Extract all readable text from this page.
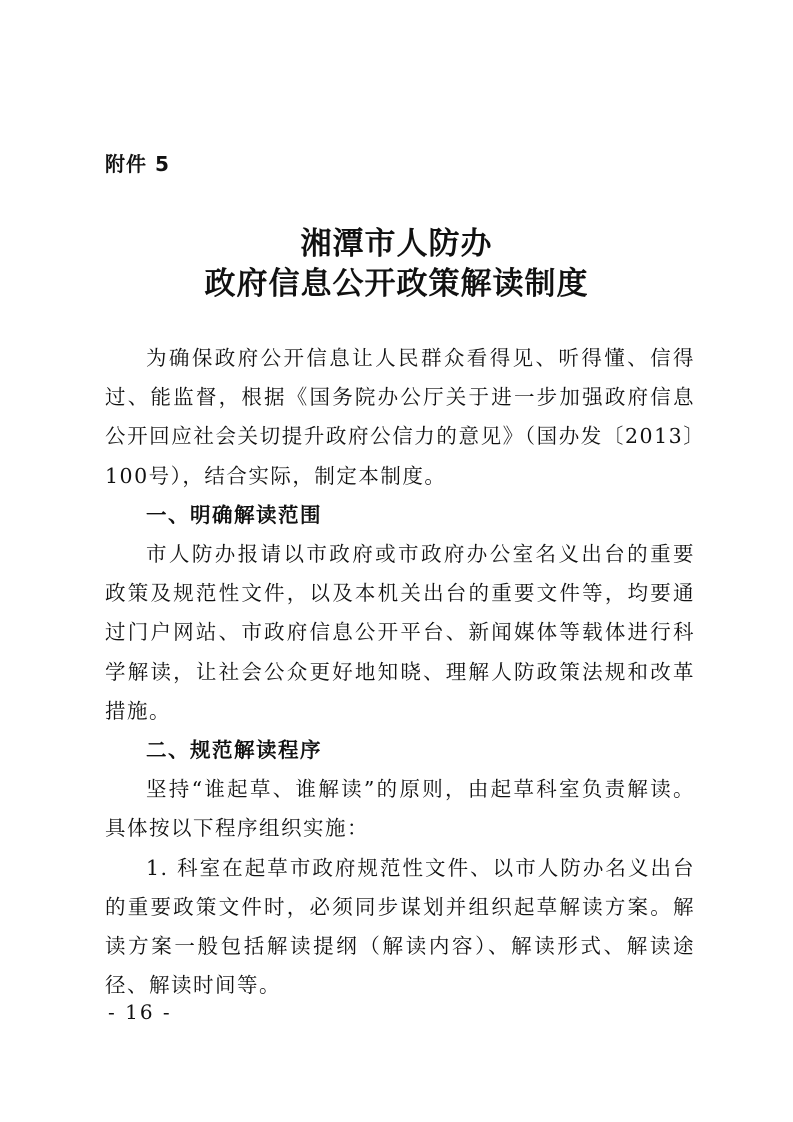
附件 5
湘潭市人防办
政府信息公开政策解读制度

为确保政府公开信息让人民群众看得见、听得懂、信得过、能监督，根据《国务院办公厅关于进一步加强政府信息公开回应社会关切提升政府公信力的意见》（国办发〔2013〕100号），结合实际，制定本制度。

一、明确解读范围

市人防办报请以市政府或市政府办公室名义出台的重要政策及规范性文件，以及本机关出台的重要文件等，均要通过门户网站、市政府信息公开平台、新闻媒体等载体进行科学解读，让社会公众更好地知晓、理解人防政策法规和改革措施。

二、规范解读程序

坚持“谁起草、谁解读”的原则，由起草科室负责解读。具体按以下程序组织实施：

1. 科室在起草市政府规范性文件、以市人防办名义出台的重要政策文件时，必须同步谋划并组织起草解读方案。解读方案一般包括解读提纲（解读内容）、解读形式、解读途径、解读时间等。

- 16 -
